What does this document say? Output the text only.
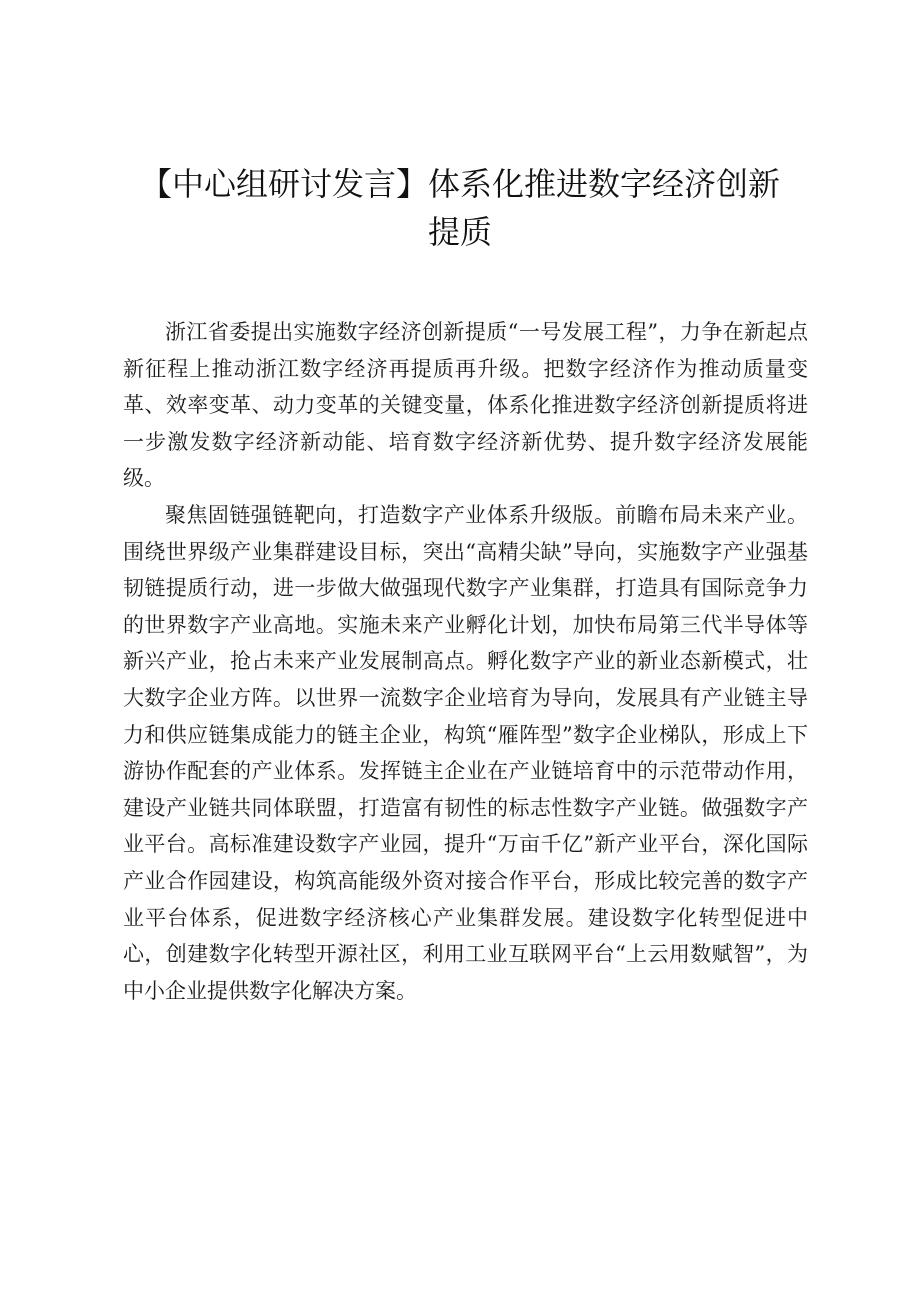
【中心组研讨发言】体系化推进数字经济创新
提质

浙江省委提出实施数字经济创新提质“一号发展工程”，力争在新起点新征程上推动浙江数字经济再提质再升级。把数字经济作为推动质量变革、效率变革、动力变革的关键变量，体系化推进数字经济创新提质将进一步激发数字经济新动能、培育数字经济新优势、提升数字经济发展能级。

聚焦固链强链靶向，打造数字产业体系升级版。前瞻布局未来产业。围绕世界级产业集群建设目标，突出“高精尖缺”导向，实施数字产业强基韧链提质行动，进一步做大做强现代数字产业集群，打造具有国际竞争力的世界数字产业高地。实施未来产业孵化计划，加快布局第三代半导体等新兴产业，抢占未来产业发展制高点。孵化数字产业的新业态新模式，壮大数字企业方阵。以世界一流数字企业培育为导向，发展具有产业链主导力和供应链集成能力的链主企业，构筑“雁阵型”数字企业梯队，形成上下游协作配套的产业体系。发挥链主企业在产业链培育中的示范带动作用，建设产业链共同体联盟，打造富有韧性的标志性数字产业链。做强数字产业平台。高标准建设数字产业园，提升“万亩千亿”新产业平台，深化国际产业合作园建设，构筑高能级外资对接合作平台，形成比较完善的数字产业平台体系，促进数字经济核心产业集群发展。建设数字化转型促进中心，创建数字化转型开源社区，利用工业互联网平台“上云用数赋智”，为中小企业提供数字化解决方案。
